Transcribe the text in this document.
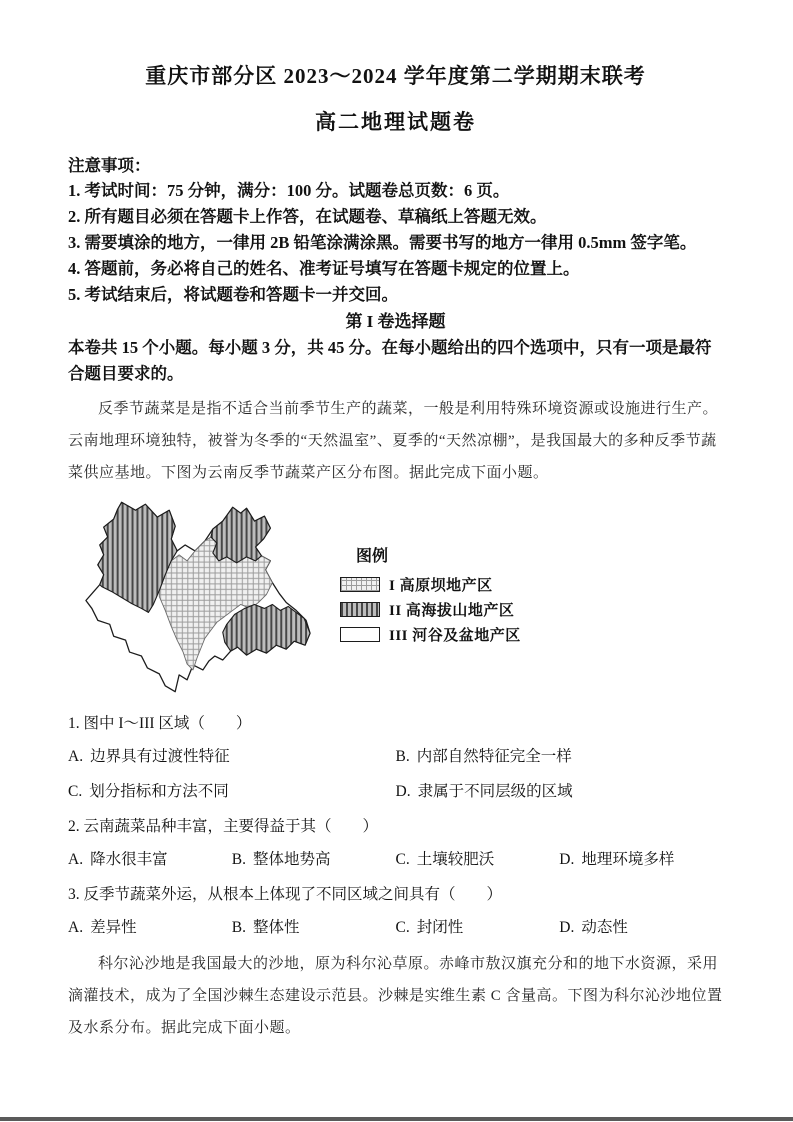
重庆市部分区 2023～2024 学年度第二学期期末联考
高二地理试题卷
注意事项：
1. 考试时间：75 分钟，满分：100 分。试题卷总页数：6 页。
2. 所有题目必须在答题卡上作答，在试题卷、草稿纸上答题无效。
3. 需要填涂的地方，一律用 2B 铅笔涂满涂黑。需要书写的地方一律用 0.5mm 签字笔。
4. 答题前，务必将自己的姓名、准考证号填写在答题卡规定的位置上。
5. 考试结束后，将试题卷和答题卡一并交回。
第 I 卷选择题
本卷共 15 个小题。每小题 3 分，共 45 分。在每小题给出的四个选项中，只有一项是最符合题目要求的。
反季节蔬菜是是指不适合当前季节生产的蔬菜，一般是利用特殊环境资源或设施进行生产。云南地理环境独特，被誉为冬季的“天然温室”、夏季的“天然凉棚”，是我国最大的多种反季节蔬菜供应基地。下图为云南反季节蔬菜产区分布图。据此完成下面小题。
图例
I 高原坝地产区
II 高海拔山地产区
III 河谷及盆地产区
1. 图中 I～III 区域（　　）
A. 边界具有过渡性特征	B. 内部自然特征完全一样
C. 划分指标和方法不同	D. 隶属于不同层级的区域
2. 云南蔬菜品种丰富，主要得益于其（　　）
A. 降水很丰富	B. 整体地势高	C. 土壤较肥沃	D. 地理环境多样
3. 反季节蔬菜外运，从根本上体现了不同区域之间具有（　　）
A. 差异性	B. 整体性	C. 封闭性	D. 动态性
科尔沁沙地是我国最大的沙地，原为科尔沁草原。赤峰市敖汉旗充分和的地下水资源，采用滴灌技术，成为了全国沙棘生态建设示范县。沙棘是实维生素 C 含量高。下图为科尔沁沙地位置及水系分布。据此完成下面小题。
